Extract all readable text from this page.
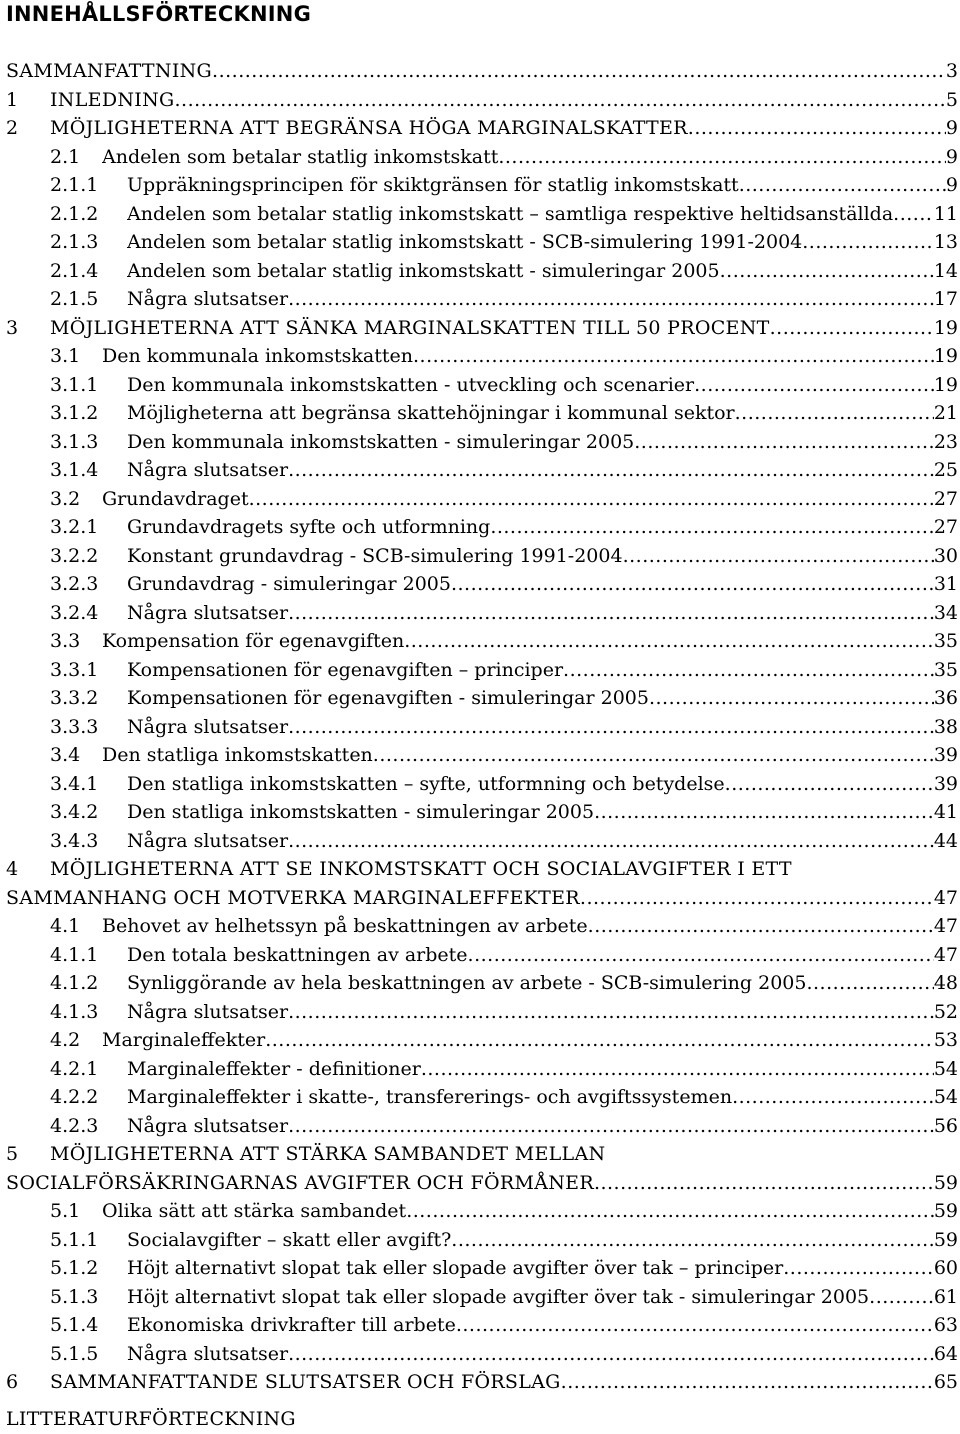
INNEHÅLLSFÖRTECKNING
SAMMANFATTNING .....	3
1 INLEDNING .....	5
2 MÖJLIGHETERNA ATT BEGRÄNSA HÖGA MARGINALSKATTER .....	9
2.1 Andelen som betalar statlig inkomstskatt .....	9
2.1.1 Uppräkningsprincipen för skiktgränsen för statlig inkomstskatt .....	9
2.1.2 Andelen som betalar statlig inkomstskatt – samtliga respektive heltidsanställda ..... 11
2.1.3 Andelen som betalar statlig inkomstskatt - SCB-simulering 1991-2004 .....	13
2.1.4 Andelen som betalar statlig inkomstskatt - simuleringar 2005 .....	14
2.1.5 Några slutsatser .....	17
3 MÖJLIGHETERNA ATT SÄNKA MARGINALSKATTEN TILL 50 PROCENT .....	19
3.1 Den kommunala inkomstskatten .....	19
3.1.1 Den kommunala inkomstskatten - utveckling och scenarier .....	19
3.1.2 Möjligheterna att begränsa skattehöjningar i kommunal sektor .....	21
3.1.3 Den kommunala inkomstskatten - simuleringar 2005 .....	23
3.1.4 Några slutsatser .....	25
3.2 Grundavdraget .....	27
3.2.1 Grundavdragets syfte och utformning .....	27
3.2.2 Konstant grundavdrag - SCB-simulering 1991-2004 .....	30
3.2.3 Grundavdrag - simuleringar 2005 .....	31
3.2.4 Några slutsatser .....	34
3.3 Kompensation för egenavgiften .....	35
3.3.1 Kompensationen för egenavgiften – principer .....	35
3.3.2 Kompensationen för egenavgiften - simuleringar 2005 .....	36
3.3.3 Några slutsatser .....	38
3.4 Den statliga inkomstskatten .....	39
3.4.1 Den statliga inkomstskatten – syfte, utformning och betydelse .....	39
3.4.2 Den statliga inkomstskatten - simuleringar 2005 .....	41
3.4.3 Några slutsatser .....	44
4 MÖJLIGHETERNA ATT SE INKOMSTSKATT OCH SOCIALAVGIFTER I ETT
SAMMANHANG OCH MOTVERKA MARGINALEFFEKTER .....	47
4.1 Behovet av helhetssyn på beskattningen av arbete .....	47
4.1.1 Den totala beskattningen av arbete .....	47
4.1.2 Synliggörande av hela beskattningen av arbete - SCB-simulering 2005 .....	48
4.1.3 Några slutsatser .....	52
4.2 Marginaleffekter .....	53
4.2.1 Marginaleffekter - definitioner .....	54
4.2.2 Marginaleffekter i skatte-, transfererings- och avgiftssystemen .....	54
4.2.3 Några slutsatser .....	56
5 MÖJLIGHETERNA ATT STÄRKA SAMBANDET MELLAN
SOCIALFÖRSÄKRINGARNAS AVGIFTER OCH FÖRMÅNER .....	59
5.1 Olika sätt att stärka sambandet .....	59
5.1.1 Socialavgifter – skatt eller avgift? .....	59
5.1.2 Höjt alternativt slopat tak eller slopade avgifter över tak – principer .....	60
5.1.3 Höjt alternativt slopat tak eller slopade avgifter över tak - simuleringar 2005 .....	61
5.1.4 Ekonomiska drivkrafter till arbete .....	63
5.1.5 Några slutsatser .....	64
6 SAMMANFATTANDE SLUTSATSER OCH FÖRSLAG .....	65
LITTERATURFÖRTECKNING
